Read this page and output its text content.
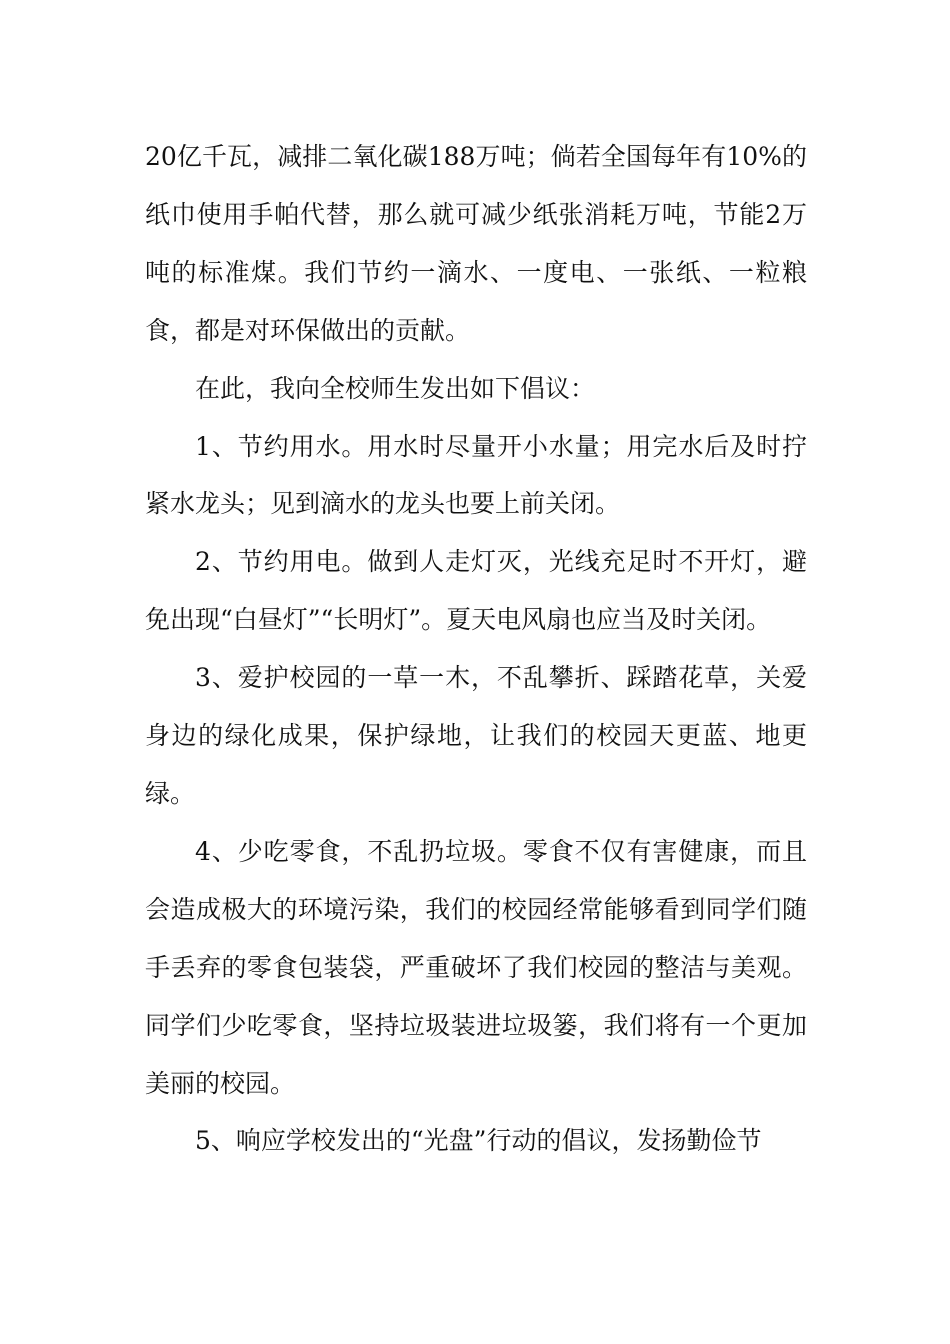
20亿千瓦，减排二氧化碳188万吨；倘若全国每年有10%的纸巾使用手帕代替，那么就可减少纸张消耗万吨，节能2万吨的标准煤。我们节约一滴水、一度电、一张纸、一粒粮食，都是对环保做出的贡献。

在此，我向全校师生发出如下倡议：

1、节约用水。用水时尽量开小水量；用完水后及时拧紧水龙头；见到滴水的龙头也要上前关闭。

2、节约用电。做到人走灯灭，光线充足时不开灯，避免出现“白昼灯”“长明灯”。夏天电风扇也应当及时关闭。

3、爱护校园的一草一木，不乱攀折、踩踏花草，关爱身边的绿化成果，保护绿地，让我们的校园天更蓝、地更绿。

4、少吃零食，不乱扔垃圾。零食不仅有害健康，而且会造成极大的环境污染，我们的校园经常能够看到同学们随手丢弃的零食包装袋，严重破坏了我们校园的整洁与美观。同学们少吃零食，坚持垃圾装进垃圾篓，我们将有一个更加美丽的校园。

5、响应学校发出的“光盘”行动的倡议，发扬勤俭节
